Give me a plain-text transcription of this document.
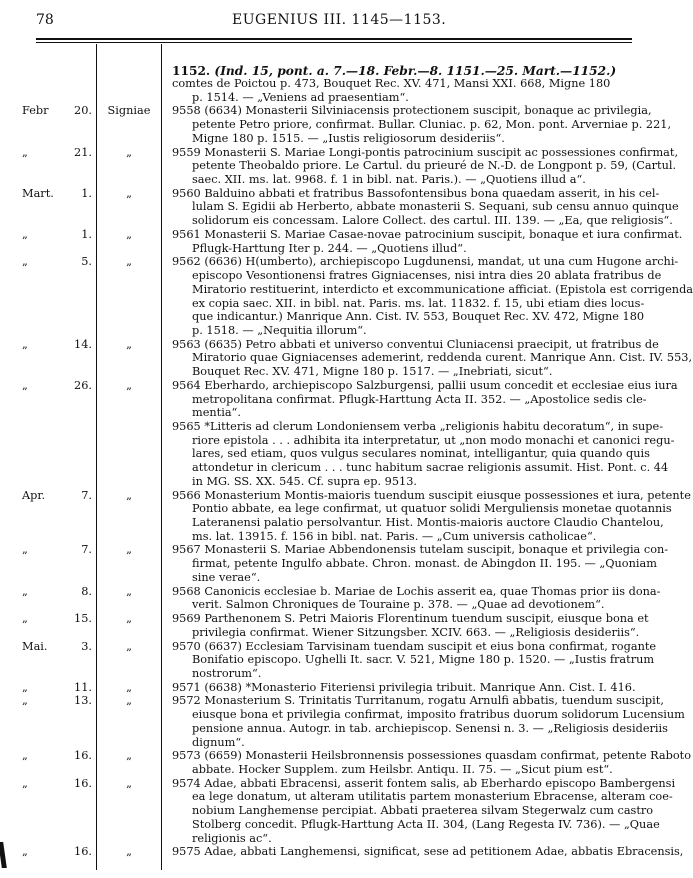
78	EUGENIUS III. 1145—1153.
1152. (Ind. 15, pont. a. 7.—18. Febr.—8. 1151.—25. Mart.—1152.)
comtes de Poictou p. 473, Bouquet Rec. XV. 471, Mansi XXI. 668, Migne 180
p. 1514. — „Veniens ad praesentiam“.
Febr 20.	Signiae	9558 (6634) Monasterii Silviniacensis protectionem suscipit, bonaque ac privilegia,
petente Petro priore, confirmat. Bullar. Cluniac. p. 62, Mon. pont. Arverniae p. 221,
Migne 180 p. 1515. — „Iustis religiosorum desideriis“.
„	21.	„	9559 Monasterii S. Mariae Longi-pontis patrocinium suscipit ac possessiones confirmat,
petente Theobaldo priore. Le Cartul. du prieuré de N.-D. de Longpont p. 59, (Cartul.
saec. XII. ms. lat. 9968. f. 1 in bibl. nat. Paris.). — „Quotiens illud a“.
Mart. 1.	„	9560 Balduino abbati et fratribus Bassofontensibus bona quaedam asserit, in his cel-
lulam S. Egidii ab Herberto, abbate monasterii S. Sequani, sub censu annuo quinque
solidorum eis concessam. Lalore Collect. des cartul. III. 139. — „Ea, que religiosis“.
„	1.	„	9561 Monasterii S. Mariae Casae-novae patrocinium suscipit, bonaque et iura confirmat.
Pflugk-Harttung Iter p. 244. — „Quotiens illud“.
„	5.	„	9562 (6636) H(umberto), archiepiscopo Lugdunensi, mandat, ut una cum Hugone archi-
episcopo Vesontionensi fratres Gigniacenses, nisi intra dies 20 ablata fratribus de
Miratorio restituerint, interdicto et excommunicatione afficiat. (Epistola est corrigenda
ex copia saec. XII. in bibl. nat. Paris. ms. lat. 11832. f. 15, ubi etiam dies locus-
que indicantur.) Manrique Ann. Cist. IV. 553, Bouquet Rec. XV. 472, Migne 180
p. 1518. — „Nequitia illorum“.
„	14.	„	9563 (6635) Petro abbati et universo conventui Cluniacensi praecipit, ut fratribus de
Miratorio quae Gigniacenses ademerint, reddenda curent. Manrique Ann. Cist. IV. 553,
Bouquet Rec. XV. 471, Migne 180 p. 1517. — „Inebriati, sicut“.
„	26.	„	9564 Eberhardo, archiepiscopo Salzburgensi, pallii usum concedit et ecclesiae eius iura
metropolitana confirmat. Pflugk-Harttung Acta II. 352. — „Apostolice sedis cle-
mentia“.
9565 *Litteris ad clerum Londoniensem verba „religionis habitu decoratum“, in supe-
riore epistola . . . adhibita ita interpretatur, ut „non modo monachi et canonici regu-
lares, sed etiam, quos vulgus seculares nominat, intelligantur, quia quando quis
attondetur in clericum . . . tunc habitum sacrae religionis assumit. Hist. Pont. c. 44
in MG. SS. XX. 545. Cf. supra ep. 9513.
Apr.	7.	„	9566 Monasterium Montis-maioris tuendum suscipit eiusque possessiones et iura, petente
Pontio abbate, ea lege confirmat, ut quatuor solidi Merguliensis monetae quotannis
Lateranensi palatio persolvantur. Hist. Montis-maioris auctore Claudio Chantelou,
ms. lat. 13915. f. 156 in bibl. nat. Paris. — „Cum universis catholicae“.
„	7.	„	9567 Monasterii S. Mariae Abbendonensis tutelam suscipit, bonaque et privilegia con-
firmat, petente Ingulfo abbate. Chron. monast. de Abingdon II. 195. — „Quoniam
sine verae“.
„	8.	„	9568 Canonicis ecclesiae b. Mariae de Lochis asserit ea, quae Thomas prior iis dona-
verit. Salmon Chroniques de Touraine p. 378. — „Quae ad devotionem“.
„	15.	„	9569 Parthenonem S. Petri Maioris Florentinum tuendum suscipit, eiusque bona et
privilegia confirmat. Wiener Sitzungsber. XCIV. 663. — „Religiosis desideriis“.
Mai.	3.	„	9570 (6637) Ecclesiam Tarvisinam tuendam suscipit et eius bona confirmat, rogante
Bonifatio episcopo. Ughelli It. sacr. V. 521, Migne 180 p. 1520. — „Iustis fratrum
nostrorum“.
„	11.	„	9571 (6638) *Monasterio Fiteriensi privilegia tribuit. Manrique Ann. Cist. I. 416.
„	13.	„	9572 Monasterium S. Trinitatis Turritanum, rogatu Arnulfi abbatis, tuendum suscipit,
eiusque bona et privilegia confirmat, imposito fratribus duorum solidorum Lucensium
pensione annua. Autogr. in tab. archiepiscop. Senensi n. 3. — „Religiosis desideriis
dignum“.
„	16.	„	9573 (6659) Monasterii Heilsbronnensis possessiones quasdam confirmat, petente Raboto
abbate. Hocker Supplem. zum Heilsbr. Antiqu. II. 75. — „Sicut pium est“.
„	16.	„	9574 Adae, abbati Ebracensi, asserit fontem salis, ab Eberhardo episcopo Bambergensi
ea lege donatum, ut alteram utilitatis partem monasterium Ebracense, alteram coe-
nobium Langhemense percipiat. Abbati praeterea silvam Stegerwalz cum castro
Stolberg concedit. Pflugk-Harttung Acta II. 304, (Lang Regesta IV. 736). — „Quae
religionis ac“.
„	16.	„	9575 Adae, abbati Langhemensi, significat, sese ad petitionem Adae, abbatis Ebracensis,
